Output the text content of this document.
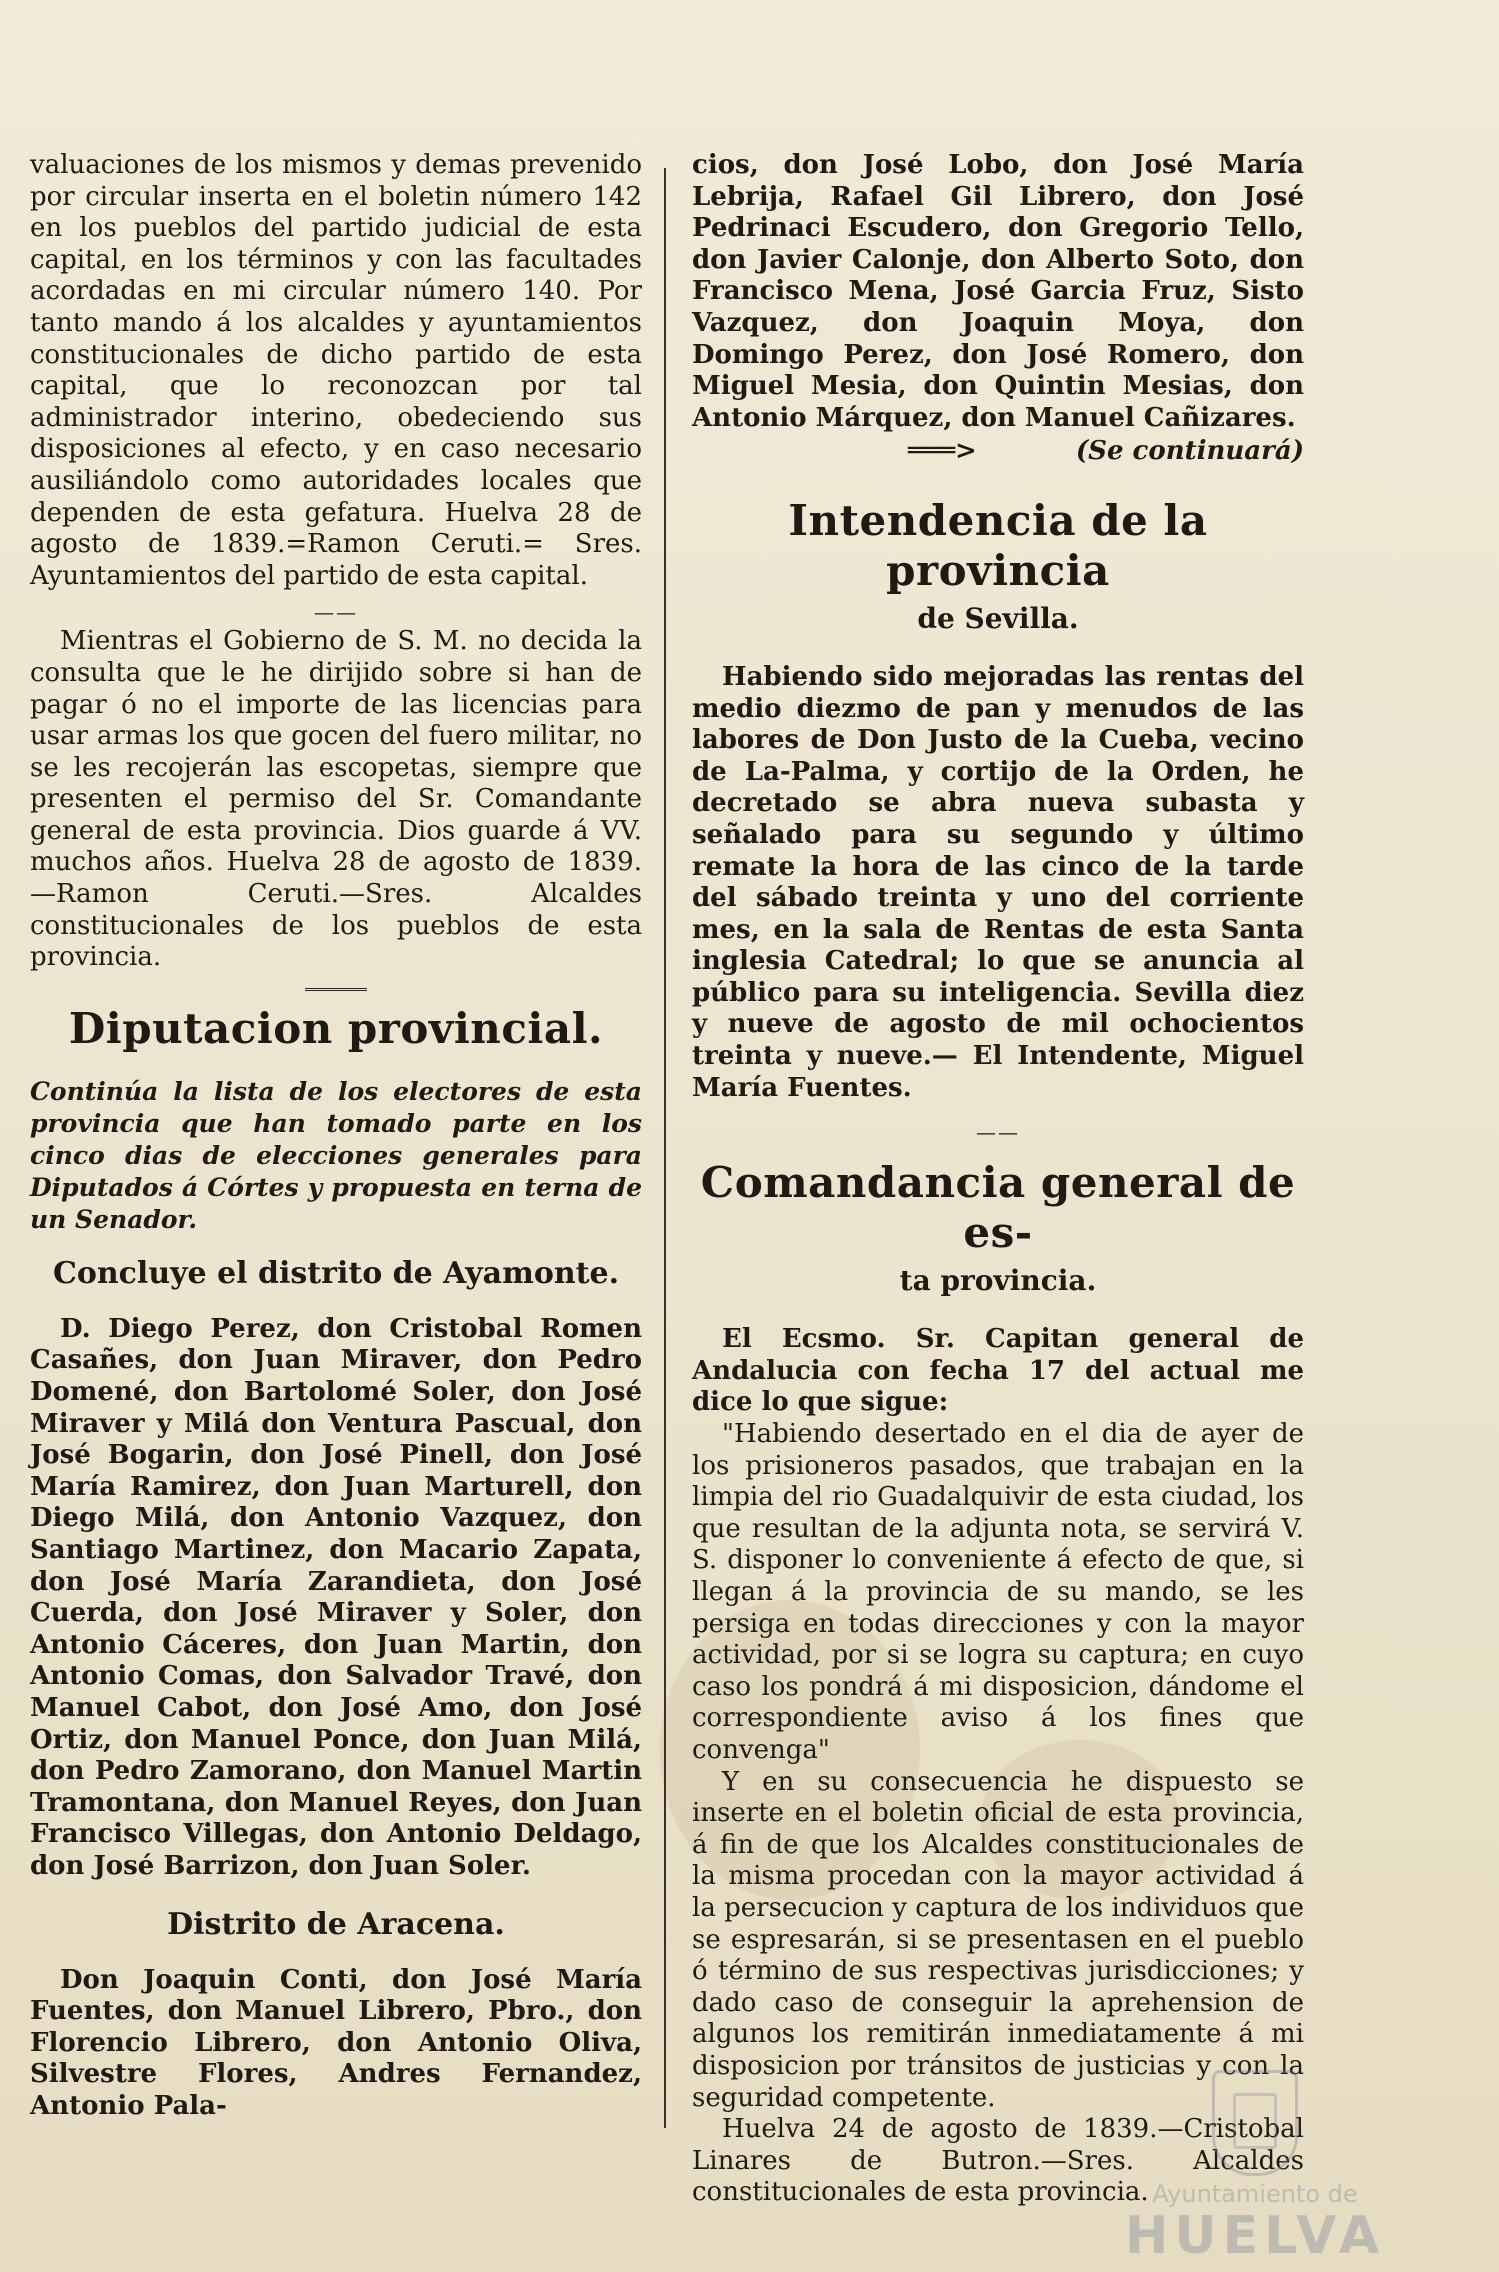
valuaciones de los mismos y demas prevenido por circular inserta en el boletin número 142 en los pueblos del partido judicial de esta capital, en los términos y con las facultades acordadas en mi circular número 140. Por tanto mando á los alcaldes y ayuntamientos constitucionales de dicho partido de esta capital, que lo reconozcan por tal administrador interino, obedeciendo sus disposiciones al efecto, y en caso necesario ausiliándolo como autoridades locales que dependen de esta gefatura. Huelva 28 de agosto de 1839.=Ramon Ceruti.= Sres. Ayuntamientos del partido de esta capital.

——

Mientras el Gobierno de S. M. no decida la consulta que le he dirijido sobre si han de pagar ó no el importe de las licencias para usar armas los que gocen del fuero militar, no se les recojerán las escopetas, siempre que presenten el permiso del Sr. Comandante general de esta provincia. Dios guarde á VV. muchos años. Huelva 28 de agosto de 1839. —Ramon Ceruti.—Sres. Alcaldes constitucionales de los pueblos de esta provincia.

Diputacion provincial.

Continúa la lista de los electores de esta provincia que han tomado parte en los cinco dias de elecciones generales para Diputados á Córtes y propuesta en terna de un Senador.

Concluye el distrito de Ayamonte.

D. Diego Perez, don Cristobal Romen Casañes, don Juan Miraver, don Pedro Domené, don Bartolomé Soler, don José Miraver y Milá don Ventura Pascual, don José Bogarin, don José Pinell, don José María Ramirez, don Juan Marturell, don Diego Milá, don Antonio Vazquez, don Santiago Martinez, don Macario Zapata, don José María Zarandieta, don José Cuerda, don José Miraver y Soler, don Antonio Cáceres, don Juan Martin, don Antonio Comas, don Salvador Travé, don Manuel Cabot, don José Amo, don José Ortiz, don Manuel Ponce, don Juan Milá, don Pedro Zamorano, don Manuel Martin Tramontana, don Manuel Reyes, don Juan Francisco Villegas, don Antonio Deldago, don José Barrizon, don Juan Soler.

Distrito de Aracena.

Don Joaquin Conti, don José María Fuentes, don Manuel Librero, Pbro., don Florencio Librero, don Antonio Oliva, Silvestre Flores, Andres Fernandez, Antonio Pala-

cios, don José Lobo, don José María Lebrija, Rafael Gil Librero, don José Pedrinaci Escudero, don Gregorio Tello, don Javier Calonje, don Alberto Soto, don Francisco Mena, José Garcia Fruz, Sisto Vazquez, don Joaquin Moya, don Domingo Perez, don José Romero, don Miguel Mesia, don Quintin Mesias, don Antonio Márquez, don Manuel Cañizares.

═══>	(Se continuará)
Intendencia de la provincia
de Sevilla.

Habiendo sido mejoradas las rentas del medio diezmo de pan y menudos de las labores de Don Justo de la Cueba, vecino de La-Palma, y cortijo de la Orden, he decretado se abra nueva subasta y señalado para su segundo y último remate la hora de las cinco de la tarde del sábado treinta y uno del corriente mes, en la sala de Rentas de esta Santa inglesia Catedral; lo que se anuncia al público para su inteligencia. Sevilla diez y nueve de agosto de mil ochocientos treinta y nueve.— El Intendente, Miguel María Fuentes.

——
Comandancia general de es-
ta provincia.

El Ecsmo. Sr. Capitan general de Andalucia con fecha 17 del actual me dice lo que sigue:

"Habiendo desertado en el dia de ayer de los prisioneros pasados, que trabajan en la limpia del rio Guadalquivir de esta ciudad, los que resultan de la adjunta nota, se servirá V. S. disponer lo conveniente á efecto de que, si llegan á la provincia de su mando, se les persiga en todas direcciones y con la mayor actividad, por si se logra su captura; en cuyo caso los pondrá á mi disposicion, dándome el correspondiente aviso á los fines que convenga"

Y en su consecuencia he dispuesto se inserte en el boletin oficial de esta provincia, á fin de que los Alcaldes constitucionales de la misma procedan con la mayor actividad á la persecucion y captura de los individuos que se espresarán, si se presentasen en el pueblo ó término de sus respectivas jurisdicciones; y dado caso de conseguir la aprehension de algunos los remitirán inmediatamente á mi disposicion por tránsitos de justicias y con la seguridad competente.

Huelva 24 de agosto de 1839.—Cristobal Linares de Butron.—Sres. Alcaldes constitucionales de esta provincia. Ayuntamiento de
HUELVA
